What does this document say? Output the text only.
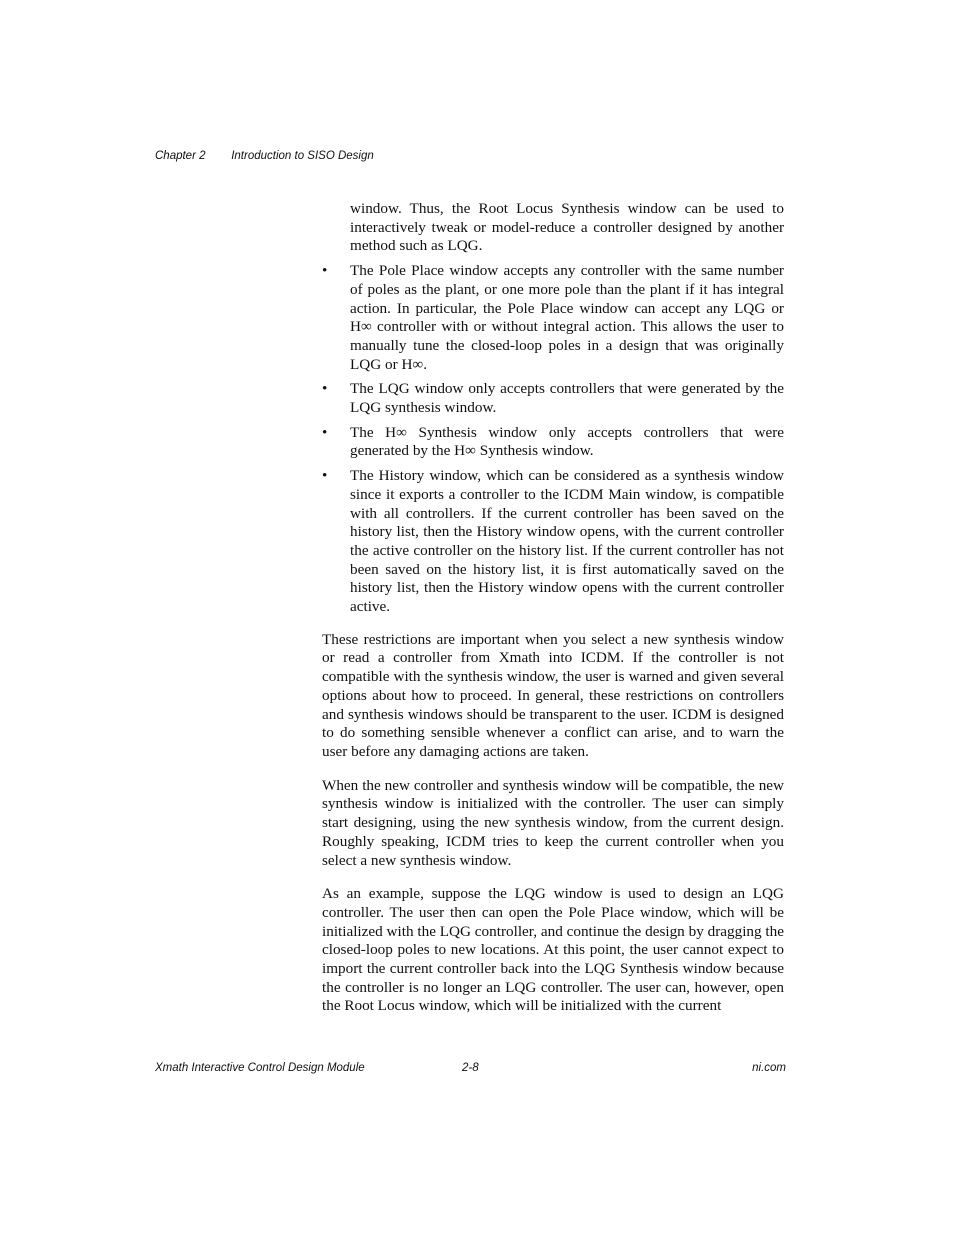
Chapter 2 Introduction to SISO Design

window. Thus, the Root Locus Synthesis window can be used to interactively tweak or model-reduce a controller designed by another method such as LQG.

• The Pole Place window accepts any controller with the same number of poles as the plant, or one more pole than the plant if it has integral action. In particular, the Pole Place window can accept any LQG or H∞ controller with or without integral action. This allows the user to manually tune the closed-loop poles in a design that was originally LQG or H∞.
• The LQG window only accepts controllers that were generated by the LQG synthesis window.
• The H∞ Synthesis window only accepts controllers that were generated by the H∞ Synthesis window.
• The History window, which can be considered as a synthesis window since it exports a controller to the ICDM Main window, is compatible with all controllers. If the current controller has been saved on the history list, then the History window opens, with the current controller the active controller on the history list. If the current controller has not been saved on the history list, it is first automatically saved on the history list, then the History window opens with the current controller active.

These restrictions are important when you select a new synthesis window or read a controller from Xmath into ICDM. If the controller is not compatible with the synthesis window, the user is warned and given several options about how to proceed. In general, these restrictions on controllers and synthesis windows should be transparent to the user. ICDM is designed to do something sensible whenever a conflict can arise, and to warn the user before any damaging actions are taken.

When the new controller and synthesis window will be compatible, the new synthesis window is initialized with the controller. The user can simply start designing, using the new synthesis window, from the current design. Roughly speaking, ICDM tries to keep the current controller when you select a new synthesis window.

As an example, suppose the LQG window is used to design an LQG controller. The user then can open the Pole Place window, which will be initialized with the LQG controller, and continue the design by dragging the closed-loop poles to new locations. At this point, the user cannot expect to import the current controller back into the LQG Synthesis window because the controller is no longer an LQG controller. The user can, however, open the Root Locus window, which will be initialized with the current

Xmath Interactive Control Design Module	2-8	ni.com
